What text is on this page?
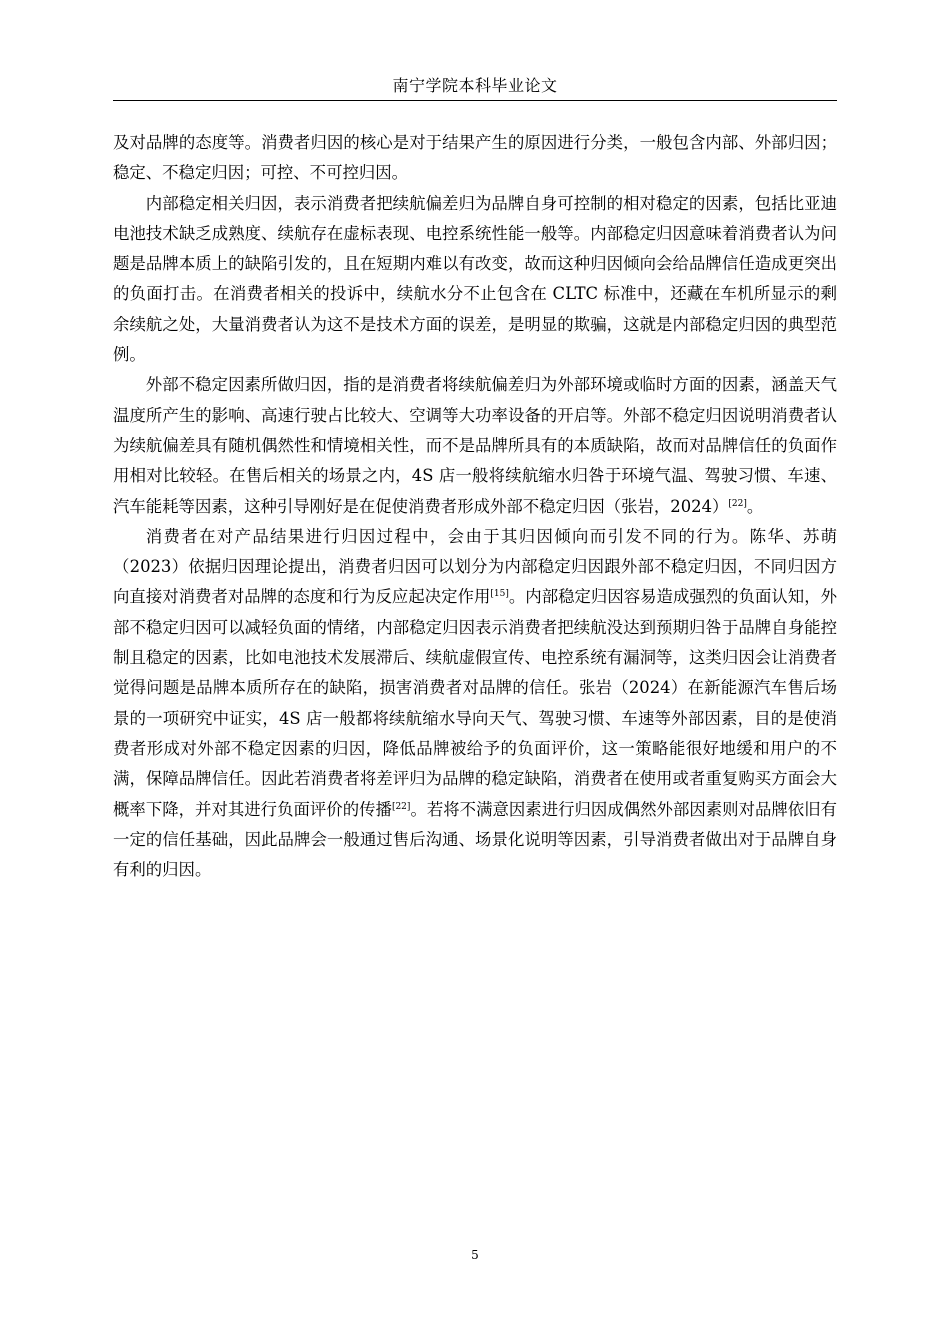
南宁学院本科毕业论文

及对品牌的态度等。消费者归因的核心是对于结果产生的原因进行分类，一般包含内部、外部归因；稳定、不稳定归因；可控、不可控归因。

内部稳定相关归因，表示消费者把续航偏差归为品牌自身可控制的相对稳定的因素，包括比亚迪电池技术缺乏成熟度、续航存在虚标表现、电控系统性能一般等。内部稳定归因意味着消费者认为问题是品牌本质上的缺陷引发的，且在短期内难以有改变，故而这种归因倾向会给品牌信任造成更突出的负面打击。在消费者相关的投诉中，续航水分不止包含在 CLTC 标准中，还藏在车机所显示的剩余续航之处，大量消费者认为这不是技术方面的误差，是明显的欺骗，这就是内部稳定归因的典型范例。

外部不稳定因素所做归因，指的是消费者将续航偏差归为外部环境或临时方面的因素，涵盖天气温度所产生的影响、高速行驶占比较大、空调等大功率设备的开启等。外部不稳定归因说明消费者认为续航偏差具有随机偶然性和情境相关性，而不是品牌所具有的本质缺陷，故而对品牌信任的负面作用相对比较轻。在售后相关的场景之内，4S 店一般将续航缩水归咎于环境气温、驾驶习惯、车速、汽车能耗等因素，这种引导刚好是在促使消费者形成外部不稳定归因（张岩，2024）[22]。

消费者在对产品结果进行归因过程中，会由于其归因倾向而引发不同的行为。陈华、苏萌（2023）依据归因理论提出，消费者归因可以划分为内部稳定归因跟外部不稳定归因，不同归因方向直接对消费者对品牌的态度和行为反应起决定作用[15]。内部稳定归因容易造成强烈的负面认知，外部不稳定归因可以减轻负面的情绪，内部稳定归因表示消费者把续航没达到预期归咎于品牌自身能控制且稳定的因素，比如电池技术发展滞后、续航虚假宣传、电控系统有漏洞等，这类归因会让消费者觉得问题是品牌本质所存在的缺陷，损害消费者对品牌的信任。张岩（2024）在新能源汽车售后场景的一项研究中证实，4S 店一般都将续航缩水导向天气、驾驶习惯、车速等外部因素，目的是使消费者形成对外部不稳定因素的归因，降低品牌被给予的负面评价，这一策略能很好地缓和用户的不满，保障品牌信任。因此若消费者将差评归为品牌的稳定缺陷，消费者在使用或者重复购买方面会大概率下降，并对其进行负面评价的传播[22]。若将不满意因素进行归因成偶然外部因素则对品牌依旧有一定的信任基础，因此品牌会一般通过售后沟通、场景化说明等因素，引导消费者做出对于品牌自身有利的归因。

5
